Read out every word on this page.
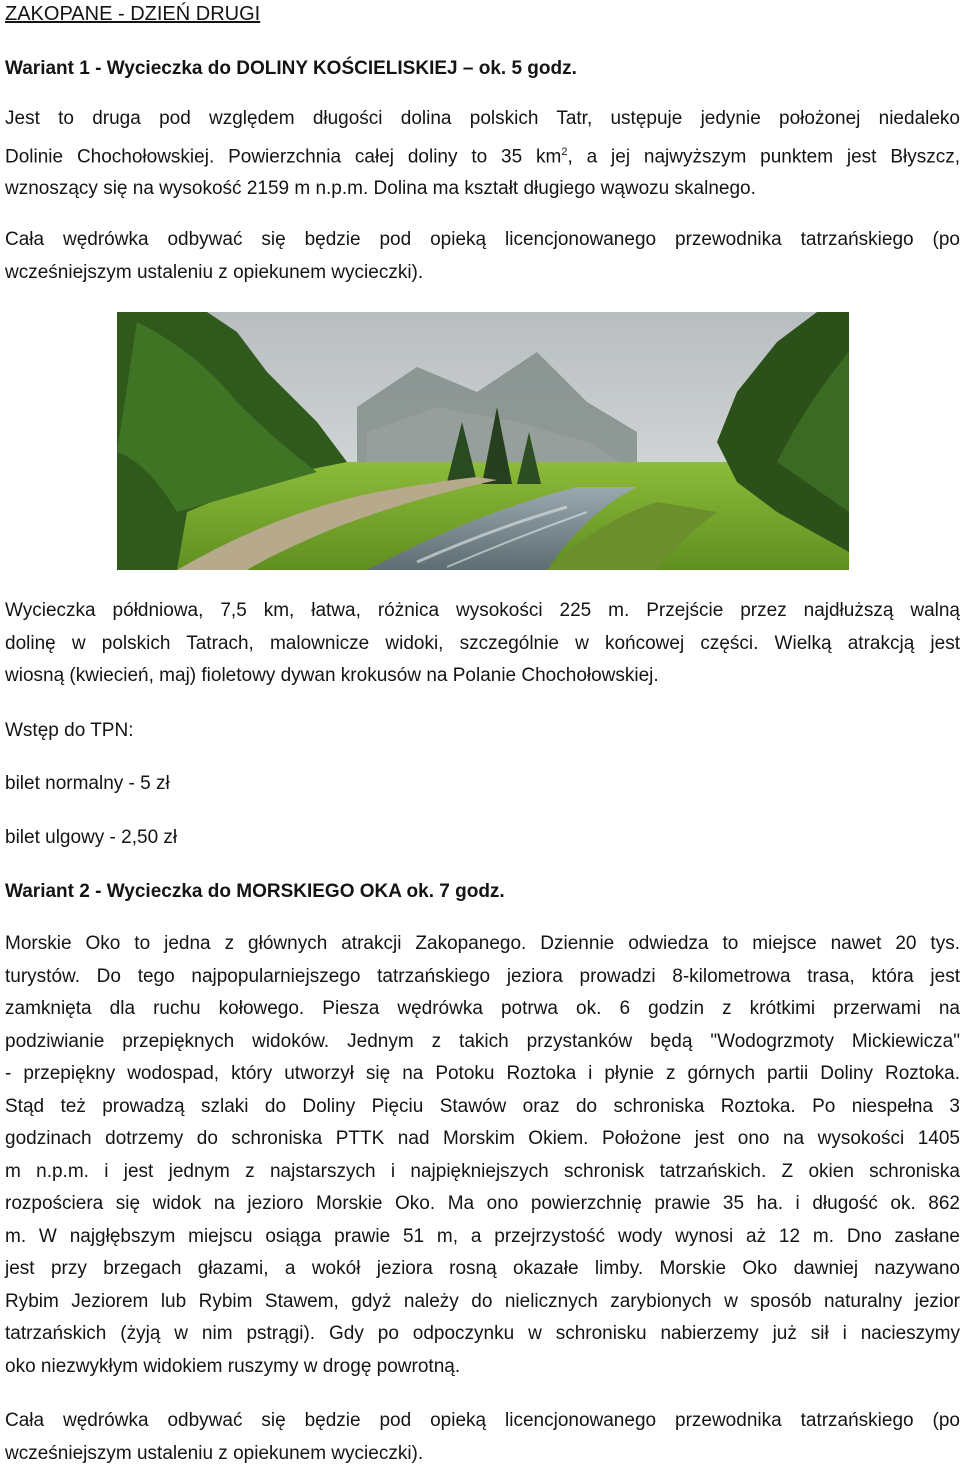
ZAKOPANE - DZIEŃ DRUGI
Wariant 1 - Wycieczka do DOLINY KOŚCIELISKIEJ – ok. 5 godz.
Jest to druga pod względem długości dolina polskich Tatr, ustępuje jedynie położonej niedaleko
Dolinie Chochołowskiej. Powierzchnia całej doliny to 35 $km^2$, a jej najwyższym punktem jest Błyszcz,
wznoszący się na wysokość 2159 m n.p.m. Dolina ma kształt długiego wąwozu skalnego.
Cała wędrówka odbywać się będzie pod opieką licencjonowanego przewodnika tatrzańskiego (po
wcześniejszym ustaleniu z opiekunem wycieczki).
Wycieczka półdniowa, 7,5 km, łatwa, różnica wysokości 225 m. Przejście przez najdłuższą walną
dolinę w polskich Tatrach, malownicze widoki, szczególnie w końcowej części. Wielką atrakcją jest
wiosną (kwiecień, maj) fioletowy dywan krokusów na Polanie Chochołowskiej.
Wstęp do TPN:
bilet normalny - 5 zł
bilet ulgowy - 2,50 zł
Wariant 2 - Wycieczka do MORSKIEGO OKA ok. 7 godz.
Morskie Oko to jedna z głównych atrakcji Zakopanego. Dziennie odwiedza to miejsce nawet 20 tys.
turystów. Do tego najpopularniejszego tatrzańskiego jeziora prowadzi 8-kilometrowa trasa, która jest
zamknięta dla ruchu kołowego. Piesza wędrówka potrwa ok. 6 godzin z krótkimi przerwami na
podziwianie przepięknych widoków. Jednym z takich przystanków będą "Wodogrzmoty Mickiewicza"
- przepiękny wodospad, który utworzył się na Potoku Roztoka i płynie z górnych partii Doliny Roztoka.
Stąd też prowadzą szlaki do Doliny Pięciu Stawów oraz do schroniska Roztoka. Po niespełna 3
godzinach dotrzemy do schroniska PTTK nad Morskim Okiem. Położone jest ono na wysokości 1405
m n.p.m. i jest jednym z najstarszych i najpiękniejszych schronisk tatrzańskich. Z okien schroniska
rozpościera się widok na jezioro Morskie Oko. Ma ono powierzchnię prawie 35 ha. i długość ok. 862
m. W najgłębszym miejscu osiąga prawie 51 m, a przejrzystość wody wynosi aż 12 m. Dno zasłane
jest przy brzegach głazami, a wokół jeziora rosną okazałe limby. Morskie Oko dawniej nazywano
Rybim Jeziorem lub Rybim Stawem, gdyż należy do nielicznych zarybionych w sposób naturalny jezior
tatrzańskich (żyją w nim pstrągi). Gdy po odpoczynku w schronisku nabierzemy już sił i nacieszymy
oko niezwykłym widokiem ruszymy w drogę powrotną.
Cała wędrówka odbywać się będzie pod opieką licencjonowanego przewodnika tatrzańskiego (po
wcześniejszym ustaleniu z opiekunem wycieczki).
